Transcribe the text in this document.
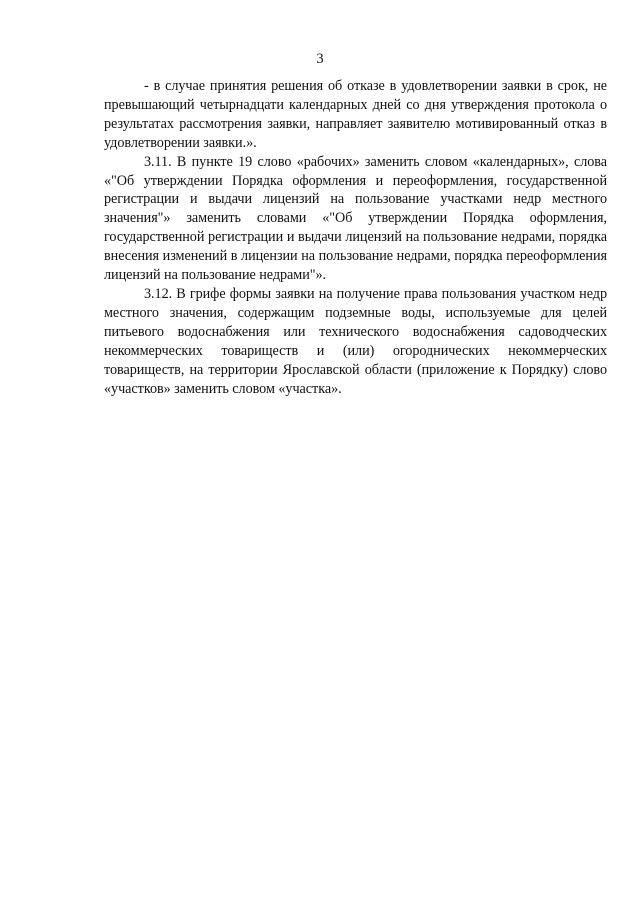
3

- в случае принятия решения об отказе в удовлетворении заявки в срок, не превышающий четырнадцати календарных дней со дня утверждения протокола о результатах рассмотрения заявки, направляет заявителю мотивированный отказ в удовлетворении заявки.».

3.11. В пункте 19 слово «рабочих» заменить словом «календарных», слова «"Об утверждении Порядка оформления и переоформления, государственной регистрации и выдачи лицензий на пользование участками недр местного значения"» заменить словами «"Об утверждении Порядка оформления, государственной регистрации и выдачи лицензий на пользование недрами, порядка внесения изменений в лицензии на пользование недрами, порядка переоформления лицензий на пользование недрами"».

3.12. В грифе формы заявки на получение права пользования участком недр местного значения, содержащим подземные воды, используемые для целей питьевого водоснабжения или технического водоснабжения садоводческих некоммерческих товариществ и (или) огороднических некоммерческих товариществ, на территории Ярославской области (приложение к Порядку) слово «участков» заменить словом «участка».
